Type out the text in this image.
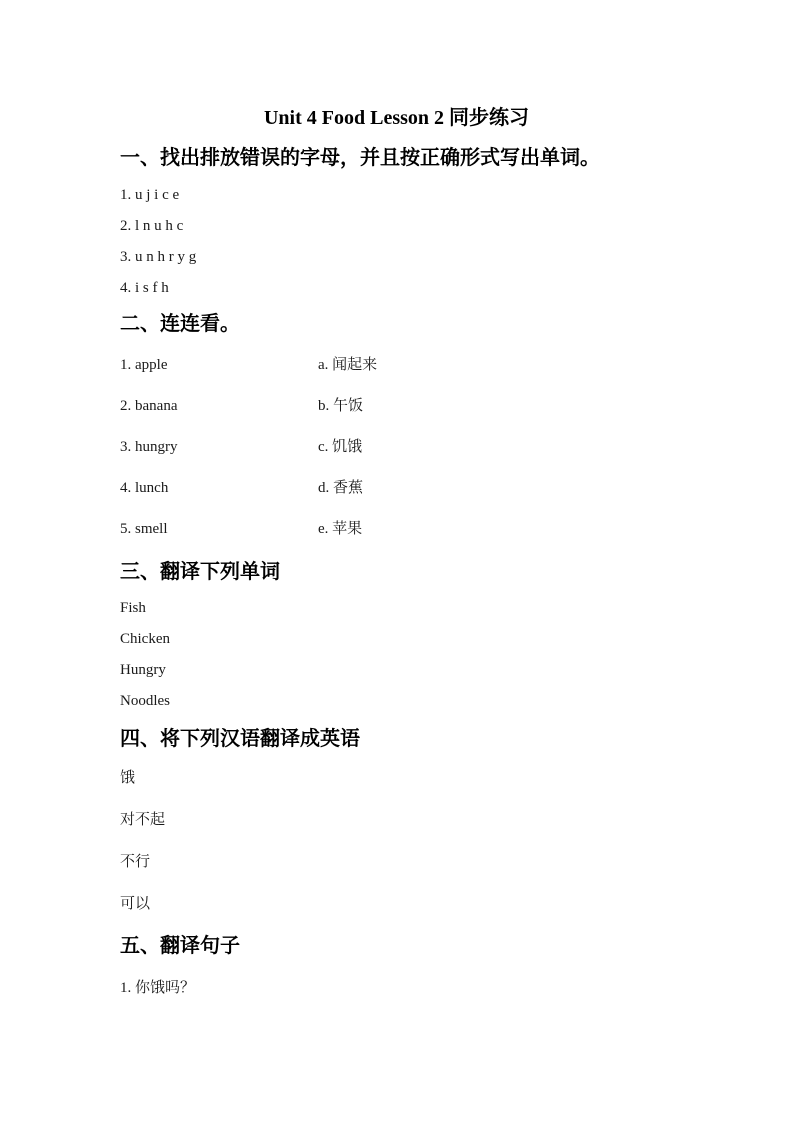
Unit 4 Food Lesson 2 同步练习
一、找出排放错误的字母，并且按正确形式写出单词。

1. u j i c e

2. l n u h c

3. u n h r y g

4. i s f h

二、连连看。
1. apple	a. 闻起来
2. banana	b. 午饭
3. hungry	c. 饥饿
4. lunch	d. 香蕉
5. smell	e. 苹果
三、翻译下列单词

Fish

Chicken

Hungry

Noodles

四、将下列汉语翻译成英语

饿

对不起

不行

可以

五、翻译句子

1. 你饿吗？
